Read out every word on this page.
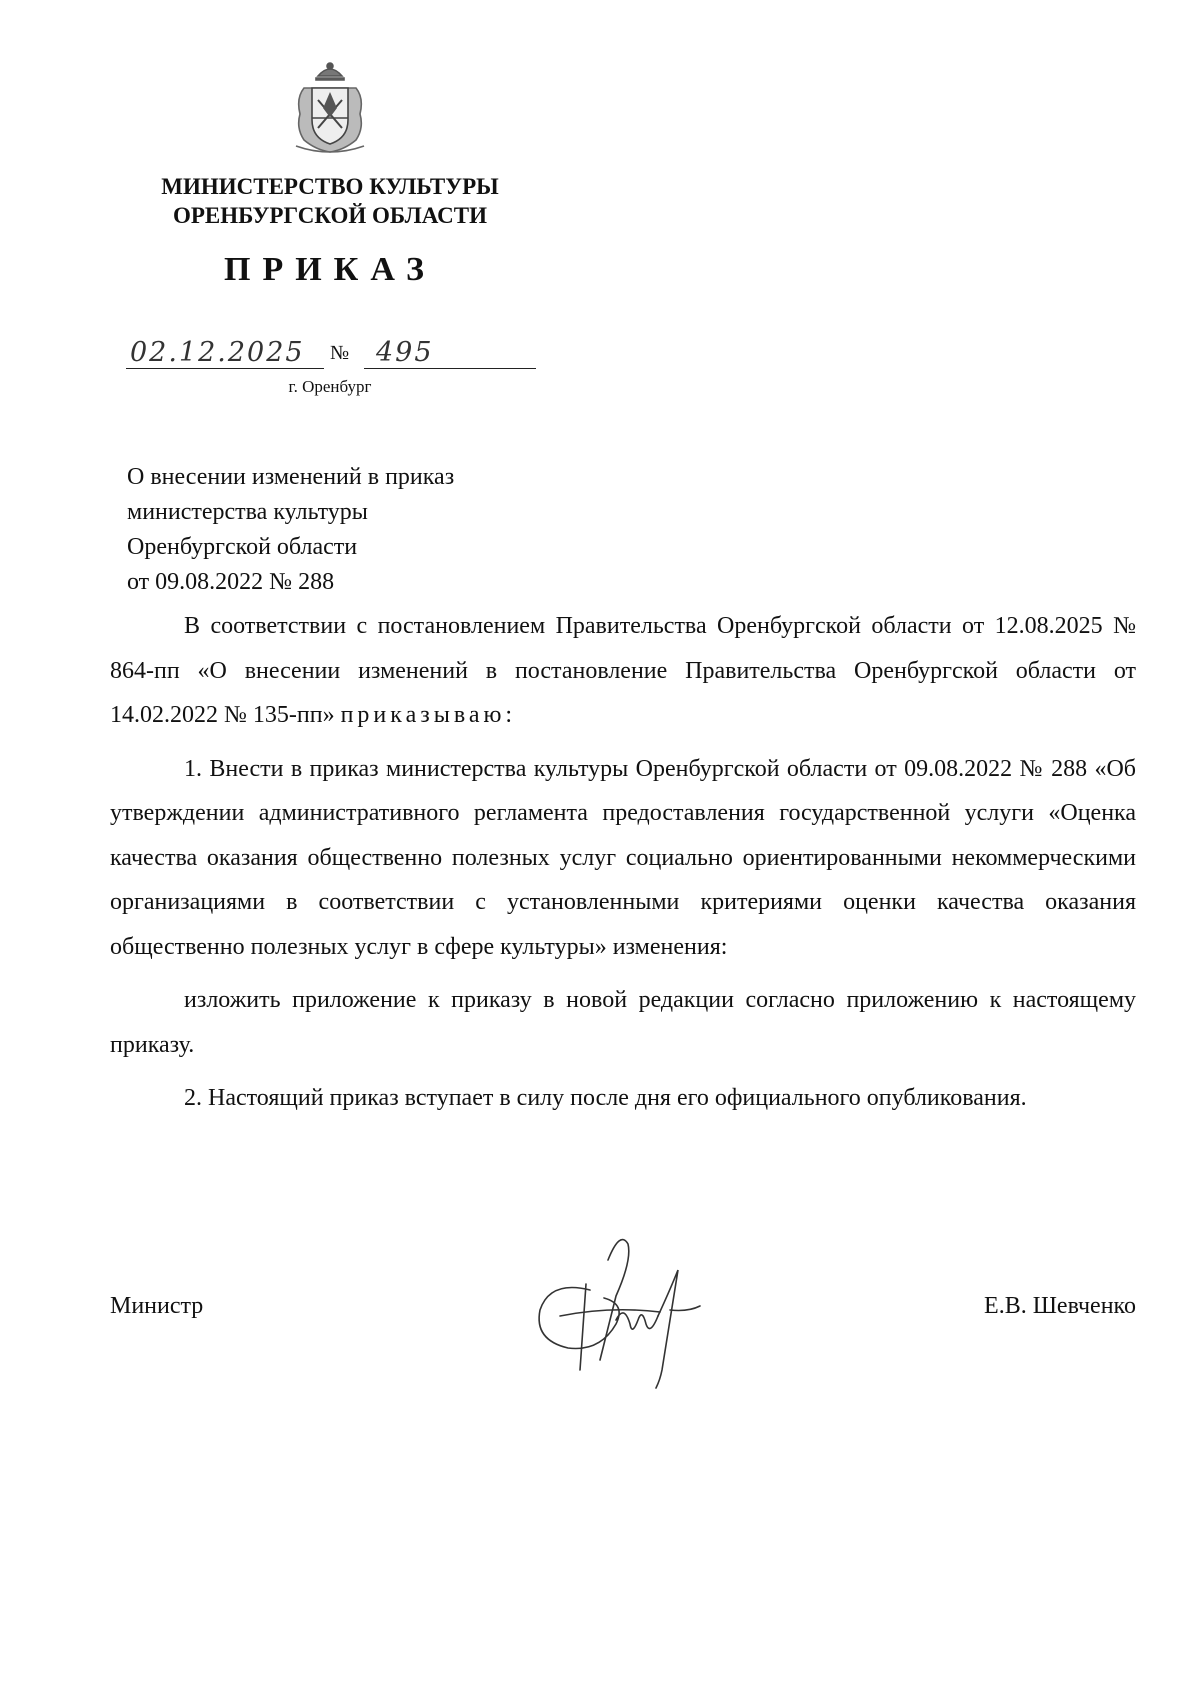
МИНИСТЕРСТВО КУЛЬТУРЫ
ОРЕНБУРГСКОЙ ОБЛАСТИ
ПРИКАЗ
02.12.2025 № 495
г. Оренбург
О внесении изменений в приказ
министерства культуры
Оренбургской области
от 09.08.2022 № 288

В соответствии с постановлением Правительства Оренбургской области от 12.08.2025 № 864-пп «О внесении изменений в постановление Правительства Оренбургской области от 14.02.2022 № 135-пп» приказываю:

1. Внести в приказ министерства культуры Оренбургской области от 09.08.2022 № 288 «Об утверждении административного регламента предоставления государственной услуги «Оценка качества оказания общественно полезных услуг социально ориентированными некоммерческими организациями в соответствии с установленными критериями оценки качества оказания общественно полезных услуг в сфере культуры» изменения:

изложить приложение к приказу в новой редакции согласно приложению к настоящему приказу.

2. Настоящий приказ вступает в силу после дня его официального опубликования.

Министр	Е.В. Шевченко
